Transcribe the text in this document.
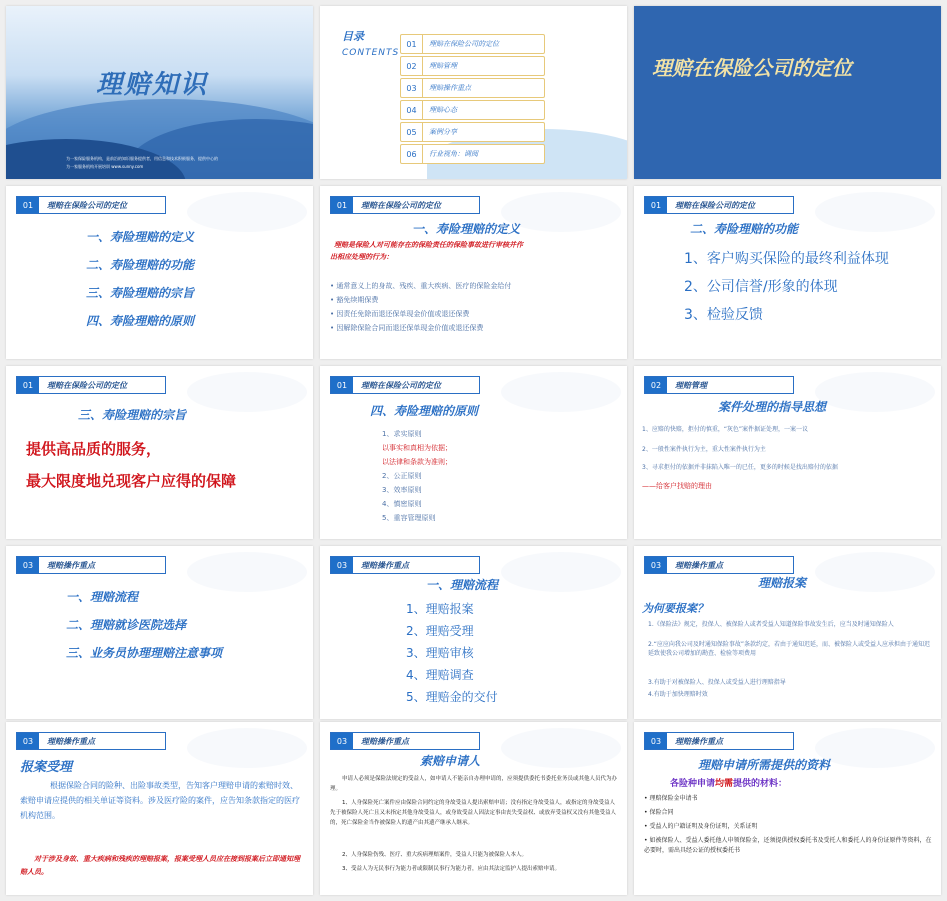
理赔知识
为一家保险服务机构，是前沿的知识服务提供者，用信息和技术积极服务，提供中心的
为一家服务机构开展培训 www.sunny.com
目录
CONTENTS
01	理赔在保险公司的定位
02	理赔管理
03	理赔操作重点
04	理赔心态
05	案例分享
06	行业视角：调阅
理赔在保险公司的定位
01	理赔在保险公司的定位
一、寿险理赔的定义
二、寿险理赔的功能
三、寿险理赔的宗旨
四、寿险理赔的原则
01	理赔在保险公司的定位
一、寿险理赔的定义
理赔是保险人对可能存在的保险责任的保险事故进行审核并作
出相应处理的行为：
• 通常意义上的身故、残疾、重大疾病、医疗的保险金给付
• 豁免续期保费
• 因责任免除而退还保单现金价值或退还保费
• 因解除保险合同而退还保单现金价值或退还保费
01	理赔在保险公司的定位
二、寿险理赔的功能
1、客户购买保险的最终利益体现
2、公司信誉/形象的体现
3、检验反馈
01	理赔在保险公司的定位
三、寿险理赔的宗旨
提供高品质的服务，
最大限度地兑现客户应得的保障
01	理赔在保险公司的定位
四、寿险理赔的原则
1、求实原则
以事实和真相为依据；
以法律和条款为准则；
2、公正原则
3、效率原则
4、慎密原则
5、重容管理原则
02	理赔管理
案件处理的指导思想
1、应赔的快赔，拒付的慎重，“灰色”案件据证处理，一案一议
2、一般性案件执行为主，重大性案件执行为主
3、寻求拒付的依据并非抹陷入唯一的已任，更多的时候是找出赔付的依据
——给客户找赔的理由
03	理赔操作重点
一、理赔流程
二、理赔就诊医院选择
三、业务员协理理赔注意事项
03	理赔操作重点
一、理赔流程
1、理赔报案
2、理赔受理
3、理赔审核
4、理赔调查
5、理赔金的交付
03	理赔操作重点
理赔报案
为何要报案？
1.《保险法》规定，投保人、被保险人或者受益人知道保险事故发生后，应当及时通知保险人
2.“应应向我公司及时通知保险事故”条款约定，若由于通知迟延，而、被保险人或受益人应承担由于通知迟延致使我公司增加的勘查、检验等项费用
3.有助于对被保险人、投保人或受益人进行理赔指导
4.有助于加快理赔时效
03	理赔操作重点
报案受理
根据保险合同的险种、出险事故类型，告知客户理赔申请的索赔时效、索赔申请应提供的相关单证等资料。涉及医疗险的案件，应告知条款指定的医疗机构范围。
对于涉及身故、重大疾病和残疾的理赔报案，报案受理人员应在接到报案后立即通知理赔人员。
03	理赔操作重点
索赔申请人
申请人必须是保险法规定的受益人，如申请人不能亲自办理申请的，应须提供委托书委托业务员或其他人员代为办理。
1、人身保险死亡案件应由保险合同约定的身故受益人提出索赔申请；没有指定身故受益人，或指定的身故受益人先于被保险人死亡且又未指定其他身故受益人，或身故受益人因法定事由丧失受益权、或放弃受益权又没有其他受益人的，死亡保险金当作被保险人的遗产由其遗产继承人继承。
2、人身保险伤残、医疗、重大疾病理赔案件，受益人只能为被保险人本人。
3、受益人为无民事行为能力者或限制民事行为能力者，应由其法定监护人提出索赔申请。
03	理赔操作重点
理赔申请所需提供的资料
各险种申请均需提供的材料：
• 理赔保险金申请书
• 保险合同
• 受益人的户籍证明及身份证明，关系证明
• 如被保险人、受益人委托他人申领保险金，还须提供授权委托书及受托人和委托人的身份证原件等资料，在必要时，需出具经公证的授权委托书
